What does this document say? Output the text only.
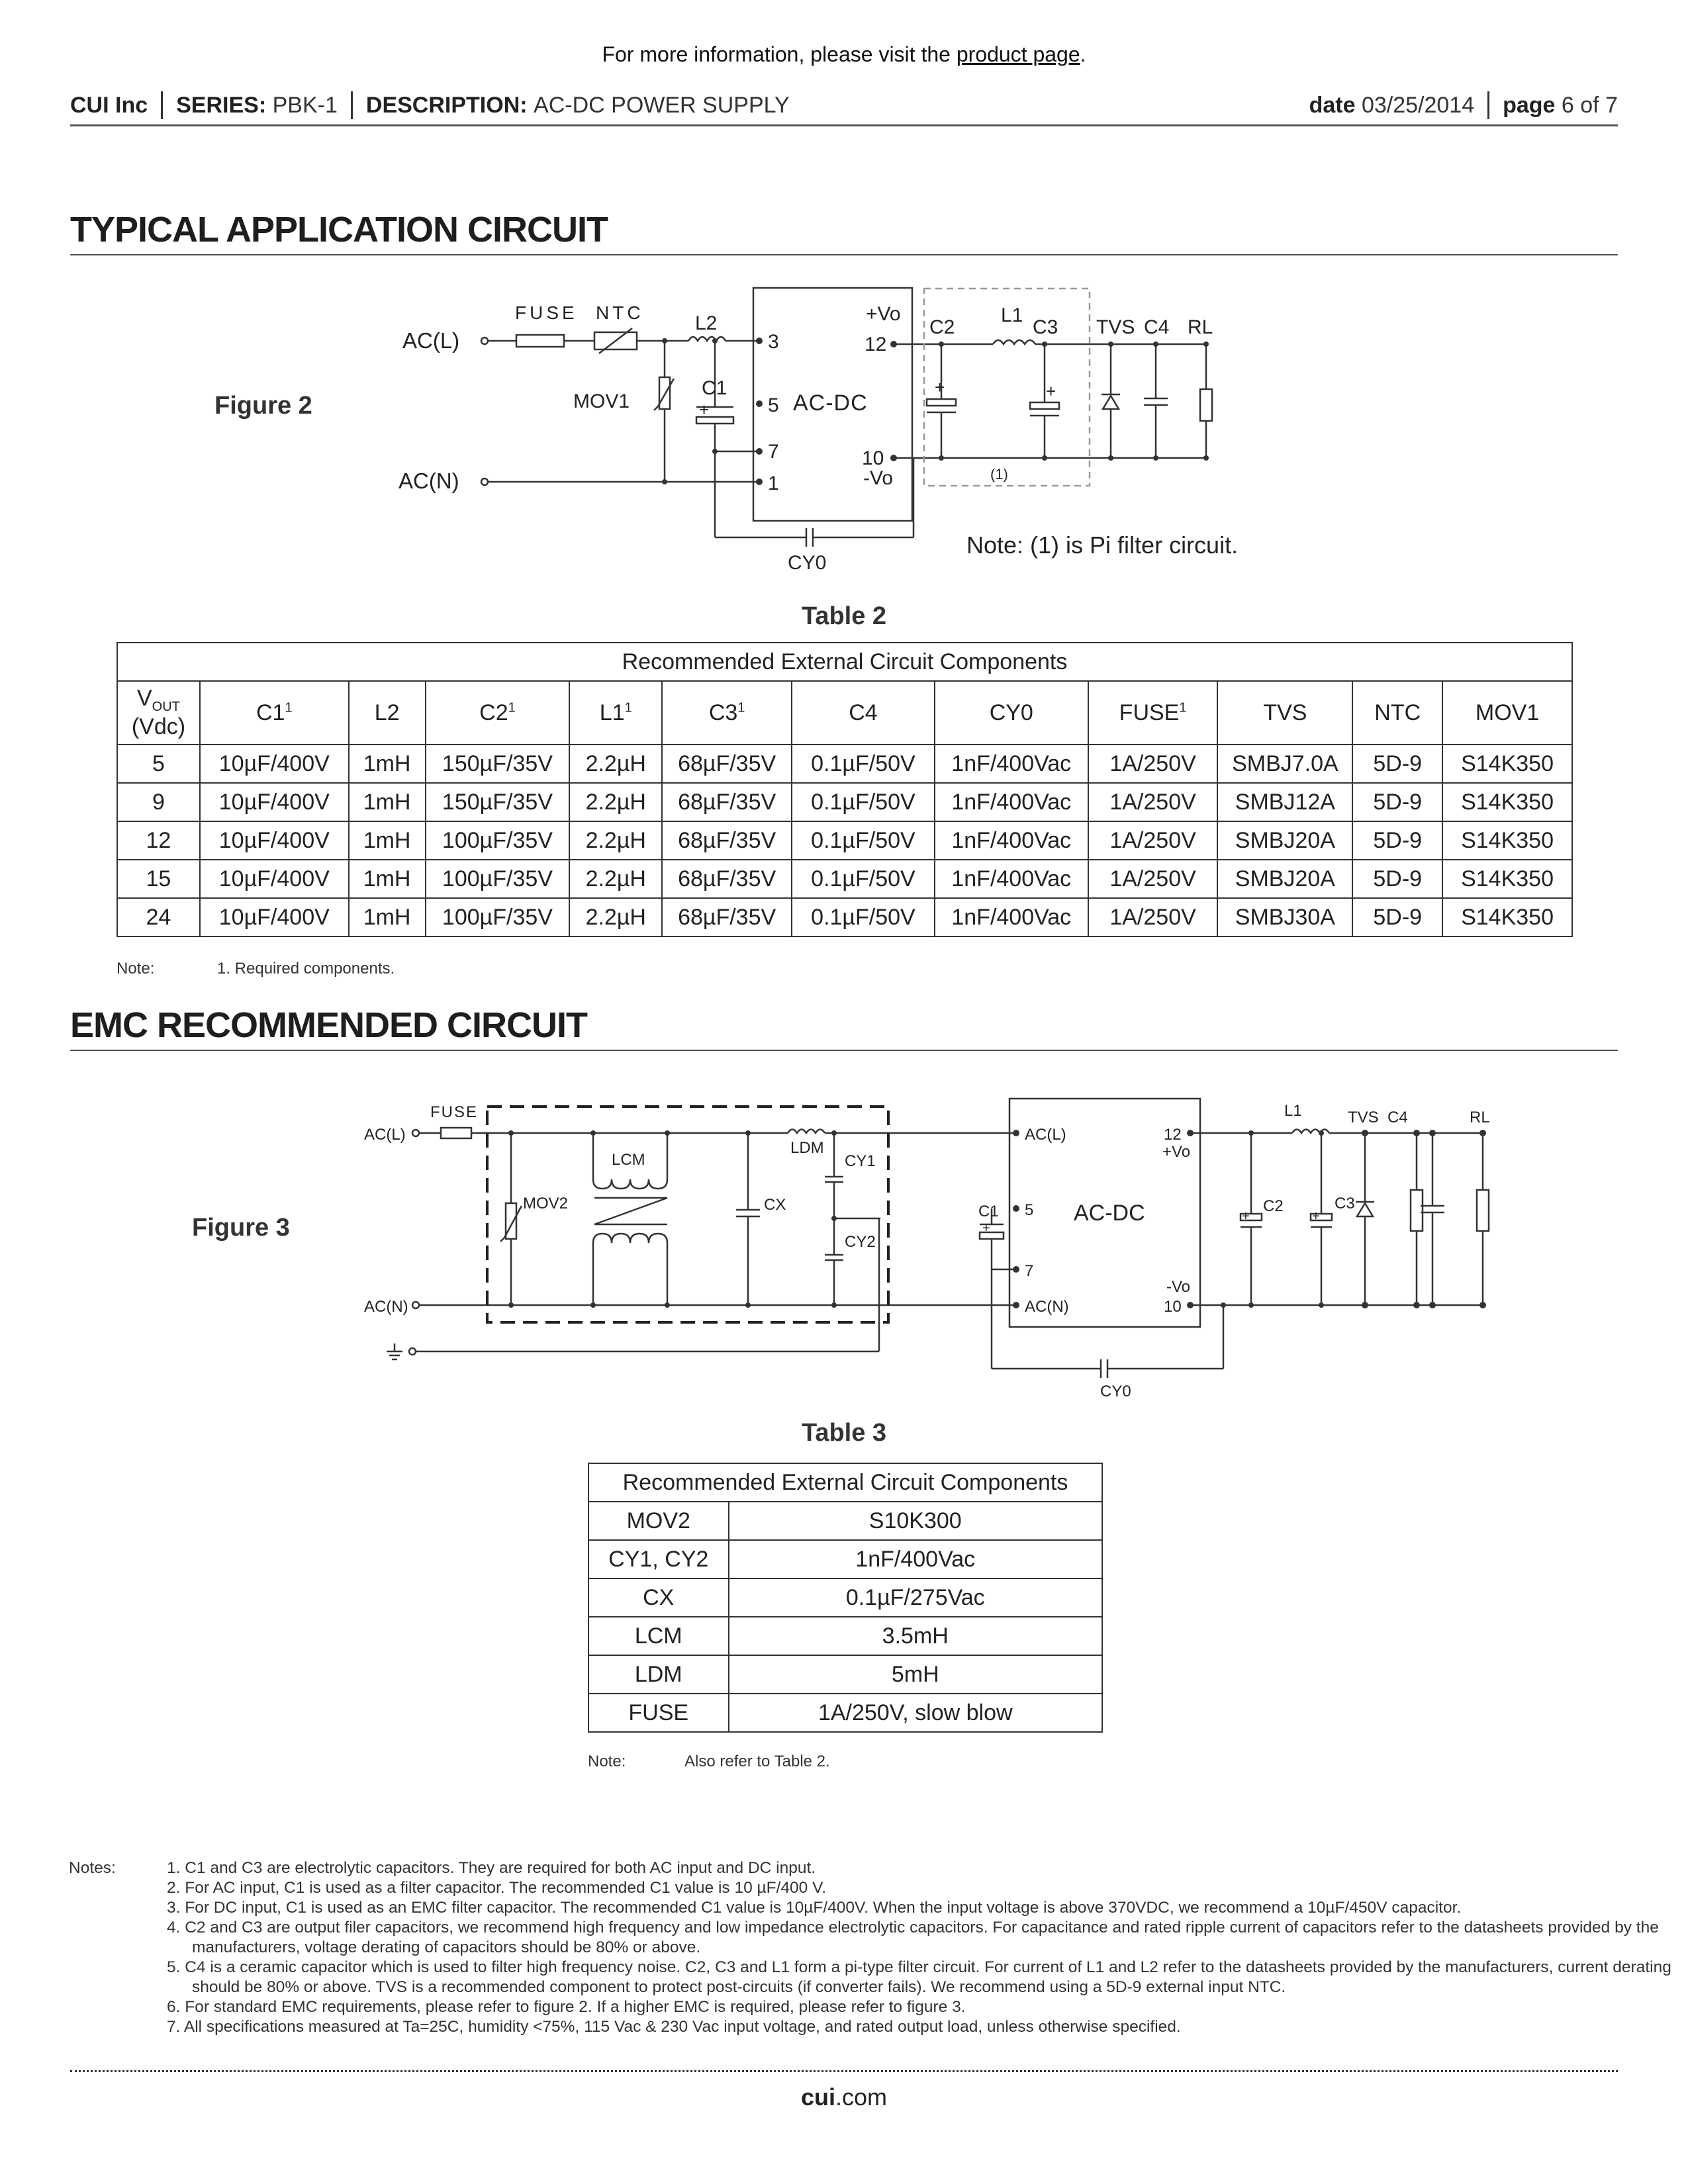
For more information, please visit the product page.
CUI Inc SERIES:
PBK-1 DESCRIPTION:
AC-DC POWER SUPPLY	date
03/25/2014 page
6 of 7
TYPICAL APPLICATION CIRCUIT
Figure 2
AC(L)
AC(N)
FUSE NTC	L2
MOV1
C1
+
3
5
7
1
AC-DC
+Vo
12
10
-Vo
C2
+
L1
C3
+
TVS C4 RL
(1)
CY0
Note: (1) is Pi filter circuit.
Table 2
Recommended External Circuit Components											
$V_{OUT}$
(Vdc)	$C1^1$	L2	$C2^1$	$L1^1$	$C3^1$	C4	CY0	FUSE$^1$	TVS	NTC	MOV1
5	10µF/400V	1mH	150µF/35V	2.2µH	68µF/35V	0.1µF/50V	1nF/400Vac	1A/250V	SMBJ7.0A	5D-9	S14K350
9	10µF/400V	1mH	150µF/35V	2.2µH	68µF/35V	0.1µF/50V	1nF/400Vac	1A/250V	SMBJ12A	5D-9	S14K350
12	10µF/400V	1mH	100µF/35V	2.2µH	68µF/35V	0.1µF/50V	1nF/400Vac	1A/250V	SMBJ20A	5D-9	S14K350
15	10µF/400V	1mH	100µF/35V	2.2µH	68µF/35V	0.1µF/50V	1nF/400Vac	1A/250V	SMBJ20A	5D-9	S14K350
24	10µF/400V	1mH	100µF/35V	2.2µH	68µF/35V	0.1µF/50V	1nF/400Vac	1A/250V	SMBJ30A	5D-9	S14K350
Note:	1. Required components.
EMC RECOMMENDED CIRCUIT
Figure 3
FUSE
AC(L)
AC(N)
LCM
MOV2	CX
LDM
CY1
CY2
C1
+
AC(L)
5
7
AC(N)
AC-DC
12
+Vo
-Vo
10
L1	TVS C4	RL
C2
+
C3
+
CY0
Table 3
Recommended External Circuit Components	
MOV2	S10K300
CY1, CY2	1nF/400Vac
CX	0.1µF/275Vac
LCM	3.5mH
LDM	5mH
FUSE	1A/250V, slow blow
Note:	Also refer to Table 2.
Notes:	1. C1 and C3 are electrolytic capacitors. They are required for both AC input and DC input.
2. For AC input, C1 is used as a filter capacitor. The recommended C1 value is 10 µF/400 V.
3. For DC input, C1 is used as an EMC filter capacitor. The recommended C1 value is 10µF/400V. When the input voltage is above 370VDC, we recommend a 10µF/450V capacitor.
4. C2 and C3 are output filer capacitors, we recommend high frequency and low impedance electrolytic capacitors. For capacitance and rated ripple current of capacitors refer to the datasheets provided by the manufacturers, voltage derating of capacitors should be 80% or above.
5. C4 is a ceramic capacitor which is used to filter high frequency noise. C2, C3 and L1 form a pi-type filter circuit. For current of L1 and L2 refer to the datasheets provided by the manufacturers, current derating should be 80% or above. TVS is a recommended component to protect post-circuits (if converter fails). We recommend using a 5D-9 external input NTC.
6. For standard EMC requirements, please refer to figure 2. If a higher EMC is required, please refer to figure 3.
7. All specifications measured at Ta=25C, humidity <75%, 115 Vac & 230 Vac input voltage, and rated output load, unless otherwise specified.
cui.com
